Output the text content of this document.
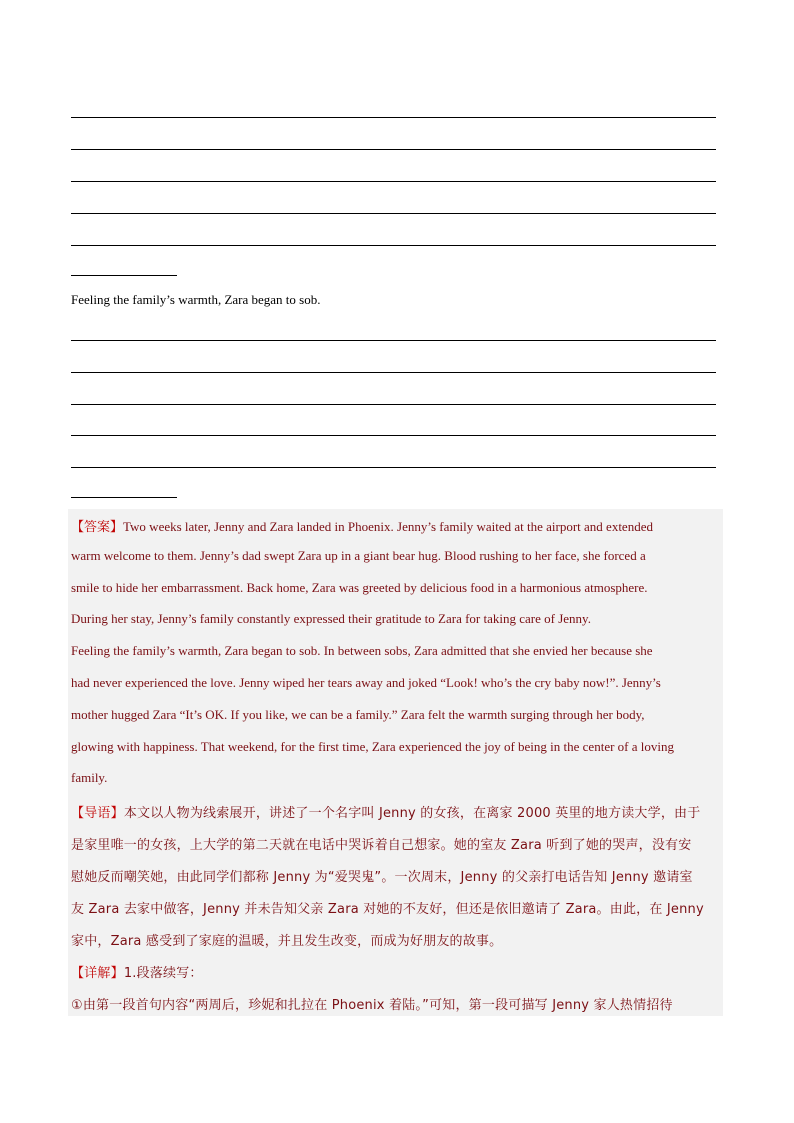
Feeling the family’s warmth, Zara began to sob.
【答案】Two weeks later, Jenny and Zara landed in Phoenix. Jenny’s family waited at the airport and extended
warm welcome to them. Jenny’s dad swept Zara up in a giant bear hug. Blood rushing to her face, she forced a
smile to hide her embarrassment. Back home, Zara was greeted by delicious food in a harmonious atmosphere.
During her stay, Jenny’s family constantly expressed their gratitude to Zara for taking care of Jenny.
Feeling the family’s warmth, Zara began to sob. In between sobs, Zara admitted that she envied her because she
had never experienced the love. Jenny wiped her tears away and joked “Look! who’s the cry baby now!”. Jenny’s
mother hugged Zara “It’s OK. If you like, we can be a family.” Zara felt the warmth surging through her body,
glowing with happiness. That weekend, for the first time, Zara experienced the joy of being in the center of a loving
family.
【导语】本文以人物为线索展开，讲述了一个名字叫 Jenny 的女孩，在离家 2000 英里的地方读大学，由于
是家里唯一的女孩，上大学的第二天就在电话中哭诉着自己想家。她的室友 Zara 听到了她的哭声，没有安
慰她反而嘲笑她，由此同学们都称 Jenny 为“爱哭鬼”。一次周末，Jenny 的父亲打电话告知 Jenny 邀请室
友 Zara 去家中做客，Jenny 并未告知父亲 Zara 对她的不友好，但还是依旧邀请了 Zara。由此，在 Jenny
家中，Zara 感受到了家庭的温暖，并且发生改变，而成为好朋友的故事。
【详解】1.段落续写：
①由第一段首句内容“两周后，珍妮和扎拉在 Phoenix 着陆。”可知，第一段可描写 Jenny 家人热情招待
